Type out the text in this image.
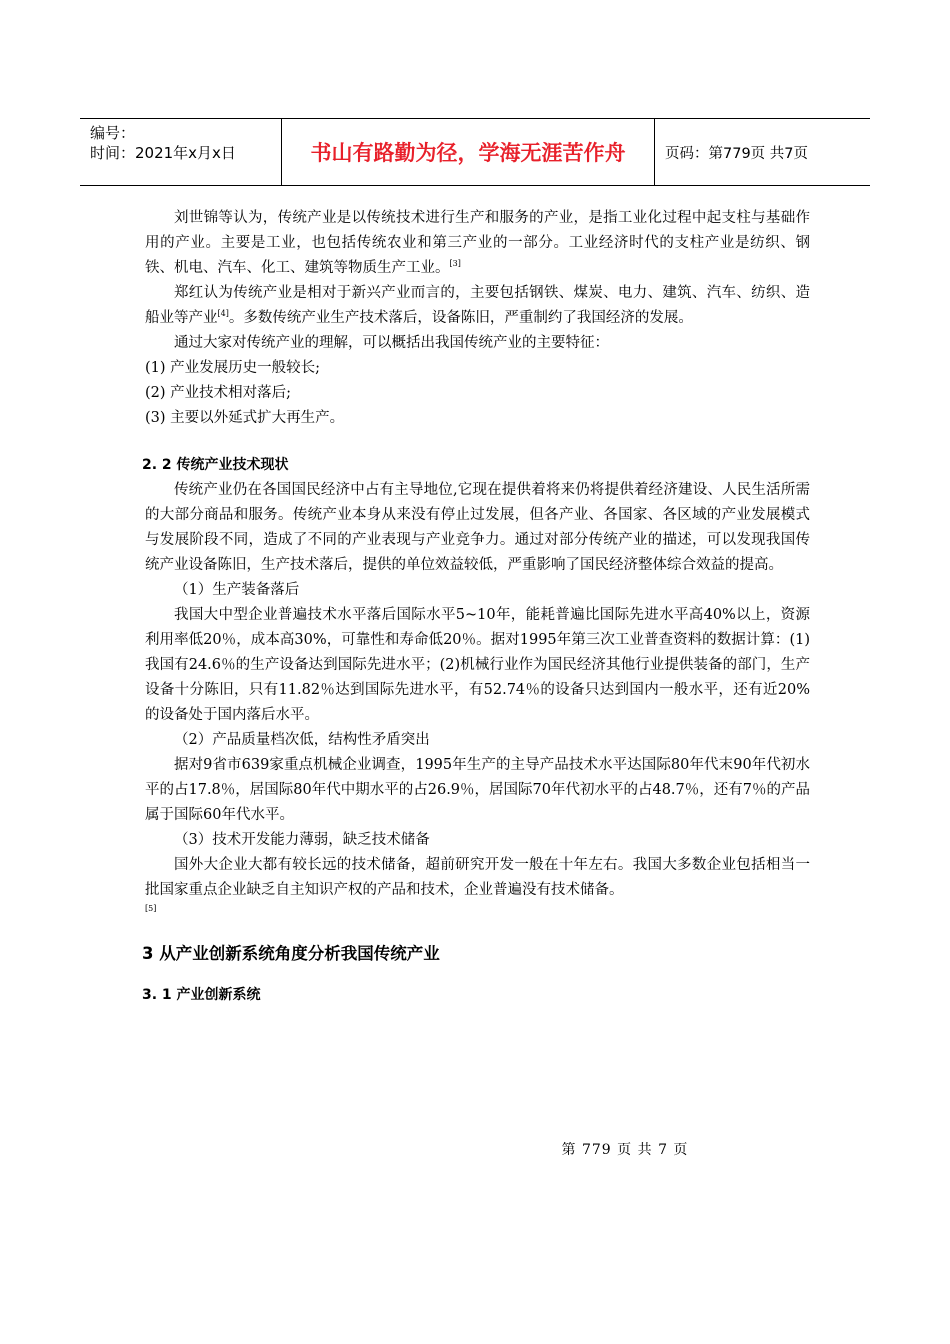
编号：
时间：2021年x月x日	书山有路勤为径，学海无涯苦作舟	页码：第779页 共7页

刘世锦等认为，传统产业是以传统技术进行生产和服务的产业，是指工业化过程中起支柱与基础作用的产业。主要是工业，也包括传统农业和第三产业的一部分。工业经济时代的支柱产业是纺织、钢铁、机电、汽车、化工、建筑等物质生产工业。[3]

郑红认为传统产业是相对于新兴产业而言的，主要包括钢铁、煤炭、电力、建筑、汽车、纺织、造船业等产业[4]。多数传统产业生产技术落后，设备陈旧，严重制约了我国经济的发展。

通过大家对传统产业的理解，可以概括出我国传统产业的主要特征：

(1) 产业发展历史一般较长;

(2) 产业技术相对落后;

(3) 主要以外延式扩大再生产。

2. 2 传统产业技术现状

传统产业仍在各国国民经济中占有主导地位,它现在提供着将来仍将提供着经济建设、人民生活所需的大部分商品和服务。传统产业本身从来没有停止过发展，但各产业、各国家、各区域的产业发展模式与发展阶段不同，造成了不同的产业表现与产业竞争力。通过对部分传统产业的描述，可以发现我国传统产业设备陈旧，生产技术落后，提供的单位效益较低，严重影响了国民经济整体综合效益的提高。

（1）生产装备落后

我国大中型企业普遍技术水平落后国际水平5~10年，能耗普遍比国际先进水平高40%以上，资源利用率低20％，成本高30%，可靠性和寿命低20％。据对1995年第三次工业普查资料的数据计算：(1)我国有24.6％的生产设备达到国际先进水平；(2)机械行业作为国民经济其他行业提供装备的部门，生产设备十分陈旧，只有11.82％达到国际先进水平，有52.74％的设备只达到国内一般水平，还有近20%的设备处于国内落后水平。

（2）产品质量档次低，结构性矛盾突出

据对9省市639家重点机械企业调查，1995年生产的主导产品技术水平达国际80年代末90年代初水平的占17.8％，居国际80年代中期水平的占26.9％，居国际70年代初水平的占48.7％，还有7％的产品属于国际60年代水平。

（3）技术开发能力薄弱，缺乏技术储备

国外大企业大都有较长远的技术储备，超前研究开发一般在十年左右。我国大多数企业包括相当一批国家重点企业缺乏自主知识产权的产品和技术，企业普遍没有技术储备。

[5]

3 从产业创新系统角度分析我国传统产业
3. 1 产业创新系统
第 779 页 共 7 页
